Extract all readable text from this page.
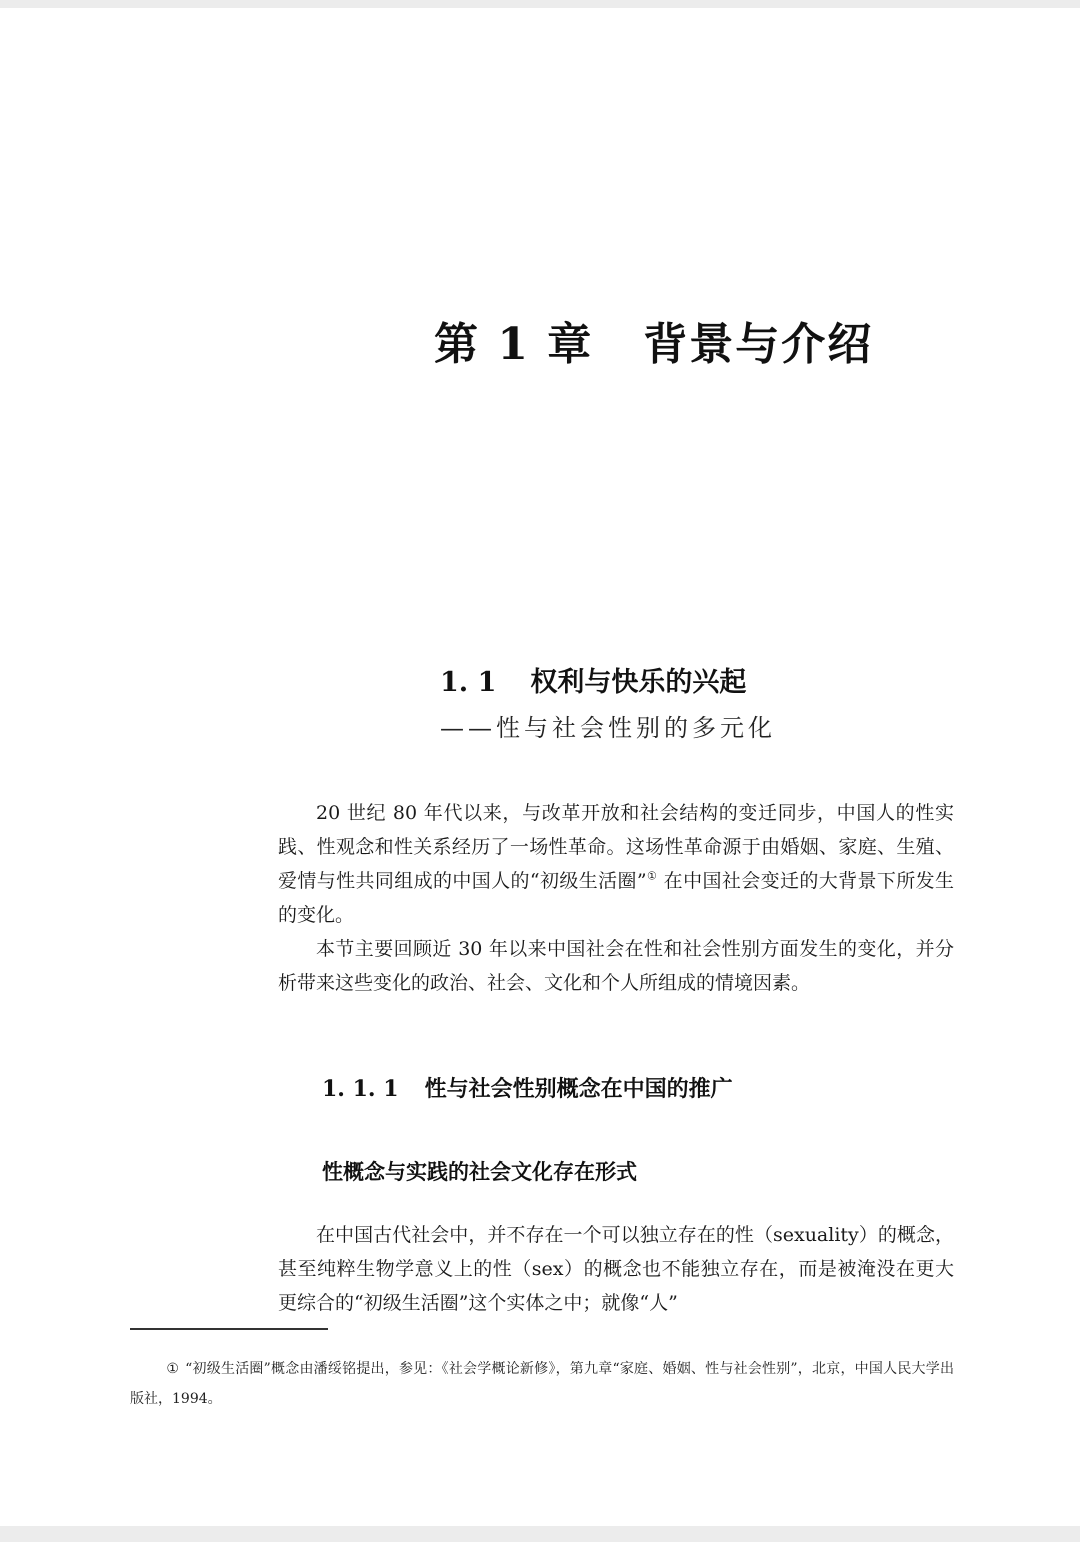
第 1 章 背景与介绍
1. 1 权利与快乐的兴起
——性与社会性别的多元化

20 世纪 80 年代以来，与改革开放和社会结构的变迁同步，中国人的性实践、性观念和性关系经历了一场性革命。这场性革命源于由婚姻、家庭、生殖、爱情与性共同组成的中国人的“初级生活圈”① 在中国社会变迁的大背景下所发生的变化。

本节主要回顾近 30 年以来中国社会在性和社会性别方面发生的变化，并分析带来这些变化的政治、社会、文化和个人所组成的情境因素。

1. 1. 1 性与社会性别概念在中国的推广
性概念与实践的社会文化存在形式

在中国古代社会中，并不存在一个可以独立存在的性（sexuality）的概念，甚至纯粹生物学意义上的性（sex）的概念也不能独立存在，而是被淹没在更大更综合的“初级生活圈”这个实体之中；就像“人”

① “初级生活圈”概念由潘绥铭提出，参见：《社会学概论新修》，第九章“家庭、婚姻、性与社会性别”，北京，中国人民大学出版社，1994。
